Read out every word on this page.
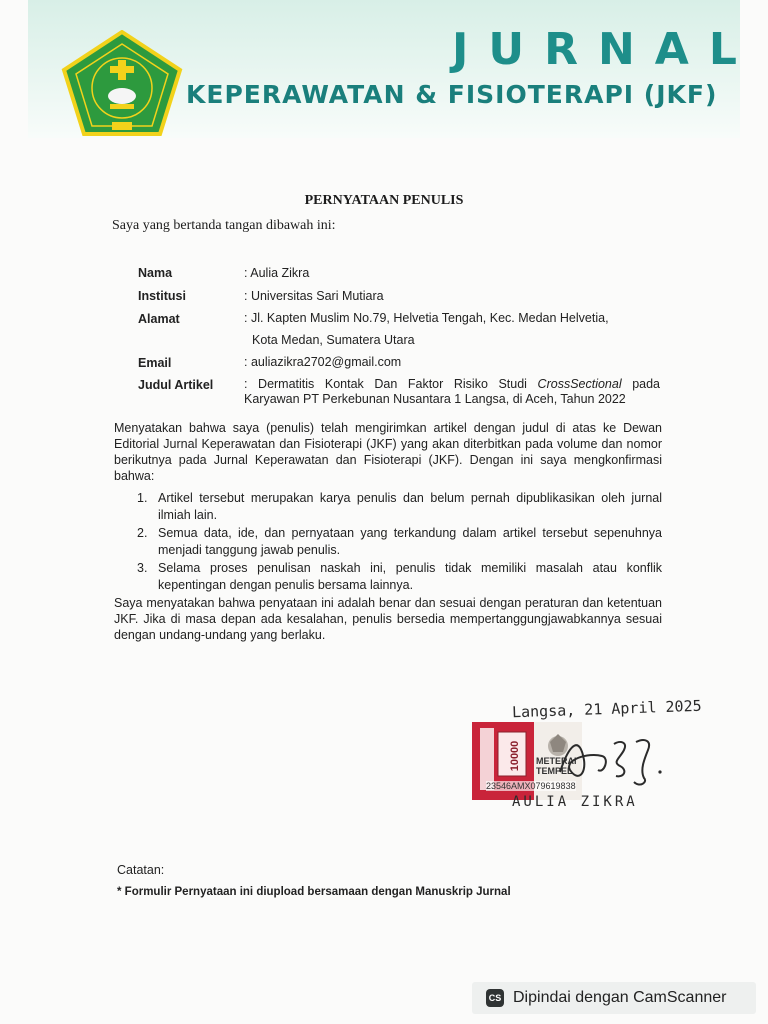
JURNAL
KEPERAWATAN & FISIOTERAPI (JKF)
PERNYATAAN PENULIS
Saya yang bertanda tangan dibawah ini:
Nama	: Aulia Zikra
Institusi	: Universitas Sari Mutiara
Alamat	: Jl. Kapten Muslim No.79, Helvetia Tengah, Kec. Medan Helvetia,
Kota Medan, Sumatera Utara
Email	: auliazikra2702@gmail.com
Judul Artikel : Dermatitis Kontak Dan Faktor Risiko Studi CrossSectional pada Karyawan PT Perkebunan Nusantara 1 Langsa, di Aceh, Tahun 2022
Menyatakan bahwa saya (penulis) telah mengirimkan artikel dengan judul di atas ke Dewan Editorial Jurnal Keperawatan dan Fisioterapi (JKF) yang akan diterbitkan pada volume dan nomor berikutnya pada Jurnal Keperawatan dan Fisioterapi (JKF). Dengan ini saya mengkonfirmasi bahwa:
1. Artikel tersebut merupakan karya penulis dan belum pernah dipublikasikan oleh jurnal ilmiah lain.
2. Semua data, ide, dan pernyataan yang terkandung dalam artikel tersebut sepenuhnya menjadi tanggung jawab penulis.
3. Selama proses penulisan naskah ini, penulis tidak memiliki masalah atau konflik kepentingan dengan penulis bersama lainnya.
Saya menyatakan bahwa penyataan ini adalah benar dan sesuai dengan peraturan dan ketentuan JKF. Jika di masa depan ada kesalahan, penulis bersedia mempertanggungjawabkannya sesuai dengan undang-undang yang berlaku.
Langsa, 21 April 2025
10000 METERAI
TEMPEL
23546AMX079619838
AULIA ZIKRA
Catatan:
* Formulir Pernyataan ini diupload bersamaan dengan Manuskrip Jurnal
CS Dipindai dengan CamScanner
